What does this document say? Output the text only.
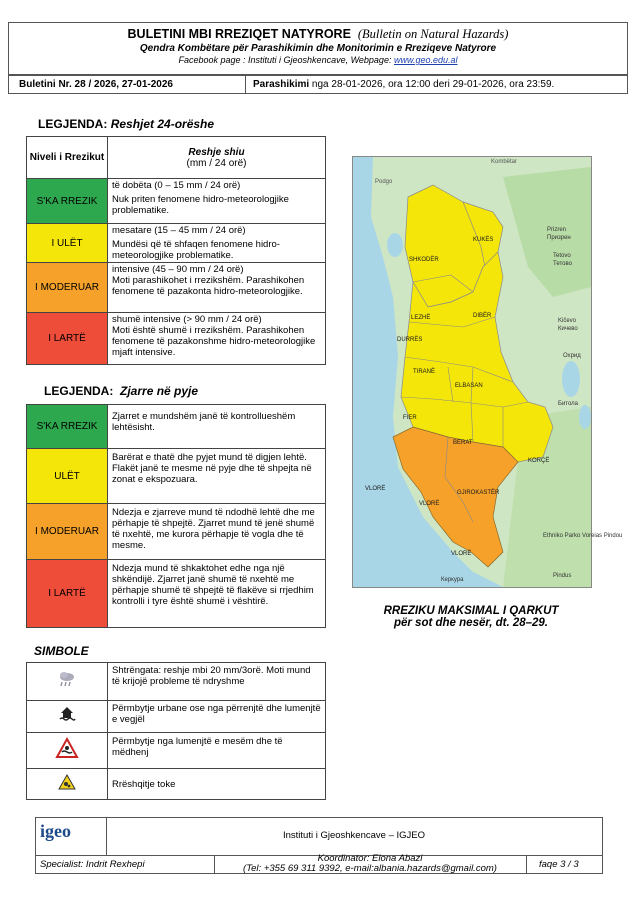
BULETINI MBI RREZIQET NATYRORE (Bulletin on Natural Hazards)
Qendra Kombëtare për Parashikimin dhe Monitorimin e Rreziqeve Natyrore
Facebook page : Instituti i Gjeoshkencave, Webpage: www.geo.edu.al
Buletini Nr. 28 / 2026, 27-01-2026	Parashikimi nga 28-01-2026, ora 12:00 deri 29-01-2026, ora 23:59.
LEGJENDA: Reshjet 24-orëshe
Niveli i Rrezikut	Reshje shiu
(mm / 24 orë)
S'KA RREZIK	të dobëta (0 – 15 mm / 24 orë)
Nuk priten fenomene hidro-meteorologjike problematike.

I ULËT	mesatare (15 – 45 mm / 24 orë)
Mundësi që të shfaqen fenomene hidro-meteorologjike problematike.

I MODERUAR	intensive (45 – 90 mm / 24 orë)
Moti parashikohet i rrezikshëm. Parashikohen fenomene të pazakonta hidro-meteorologjike.

I LARTË	shumë intensive (> 90 mm / 24 orë)
Moti është shumë i rrezikshëm. Parashikohen fenomene të pazakonshme hidro-meteorologjike mjaft intensive.
LEGJENDA: Zjarre në pyje
S'KA RREZIK	Zjarret e mundshëm janë të kontrollueshëm lehtësisht.
ULËT	Barërat e thatë dhe pyjet mund të digjen lehtë. Flakët janë te mesme në pyje dhe të shpejta në zonat e ekspozuara.
I MODERUAR	Ndezja e zjarreve mund të ndodhë lehtë dhe me përhapje të shpejtë. Zjarret mund të jenë shumë të nxehtë, me kurora përhapje të vogla dhe të mesme.
I LARTË	Ndezja mund të shkaktohet edhe nga një shkëndijë. Zjarret janë shumë të nxehtë me përhapje shumë të shpejtë të flakëve si rrjedhim kontrolli i tyre është shumë i vështirë.
SIMBOLE
	Shtrëngata: reshje mbi 20 mm/3orë. Moti mund të krijojë probleme të ndryshme
	Përmbytje urbane ose nga përrenjtë dhe lumenjtë e vegjël
	Përmbytje nga lumenjtë e mesëm dhe të mëdhenj
	Rrëshqitje toke
Kombëtar
Podgo
Prizren
Призрен
Tetovo
Тетово
Kičevo
Кичево
Охрид
Битола
Ethniko Parko Voreias Pindou
Pindus
Керкура
KUKËS
SHKODËR
LEZHË	DIBËR
DURRËS
TIRANË
ELBASAN
FIER
BERAT
KORÇË
VLORË
VLORË
GJIROKASTËR
VLORË
RREZIKU MAKSIMAL I QARKUT
për sot dhe nesër, dt. 28–29.
igeo	Instituti i Gjeoshkencave – IGJEO
Specialist: Indrit Rexhepi
Koordinator: Elona Abazi
(Tel: +355 69 311 9392, e-mail:albania.hazards@gmail.com)	faqe 3 / 3
